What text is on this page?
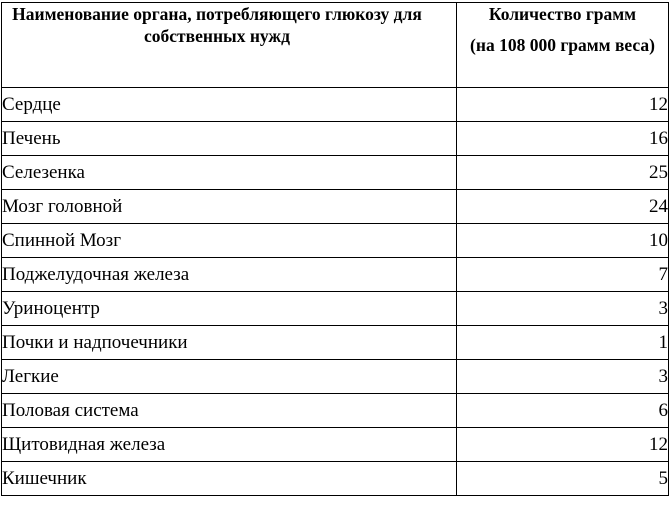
Наименование органа, потребляющего глюкозу для собственных нужд	Количество грамм
(на 108 000 грамм веса)

Сердце	12
Печень	16
Селезенка	25
Мозг головной	24
Спинной Мозг	10
Поджелудочная железа	7
Уриноцентр	3
Почки и надпочечники	1
Легкие	3
Половая система	6
Щитовидная железа	12
Кишечник	5
